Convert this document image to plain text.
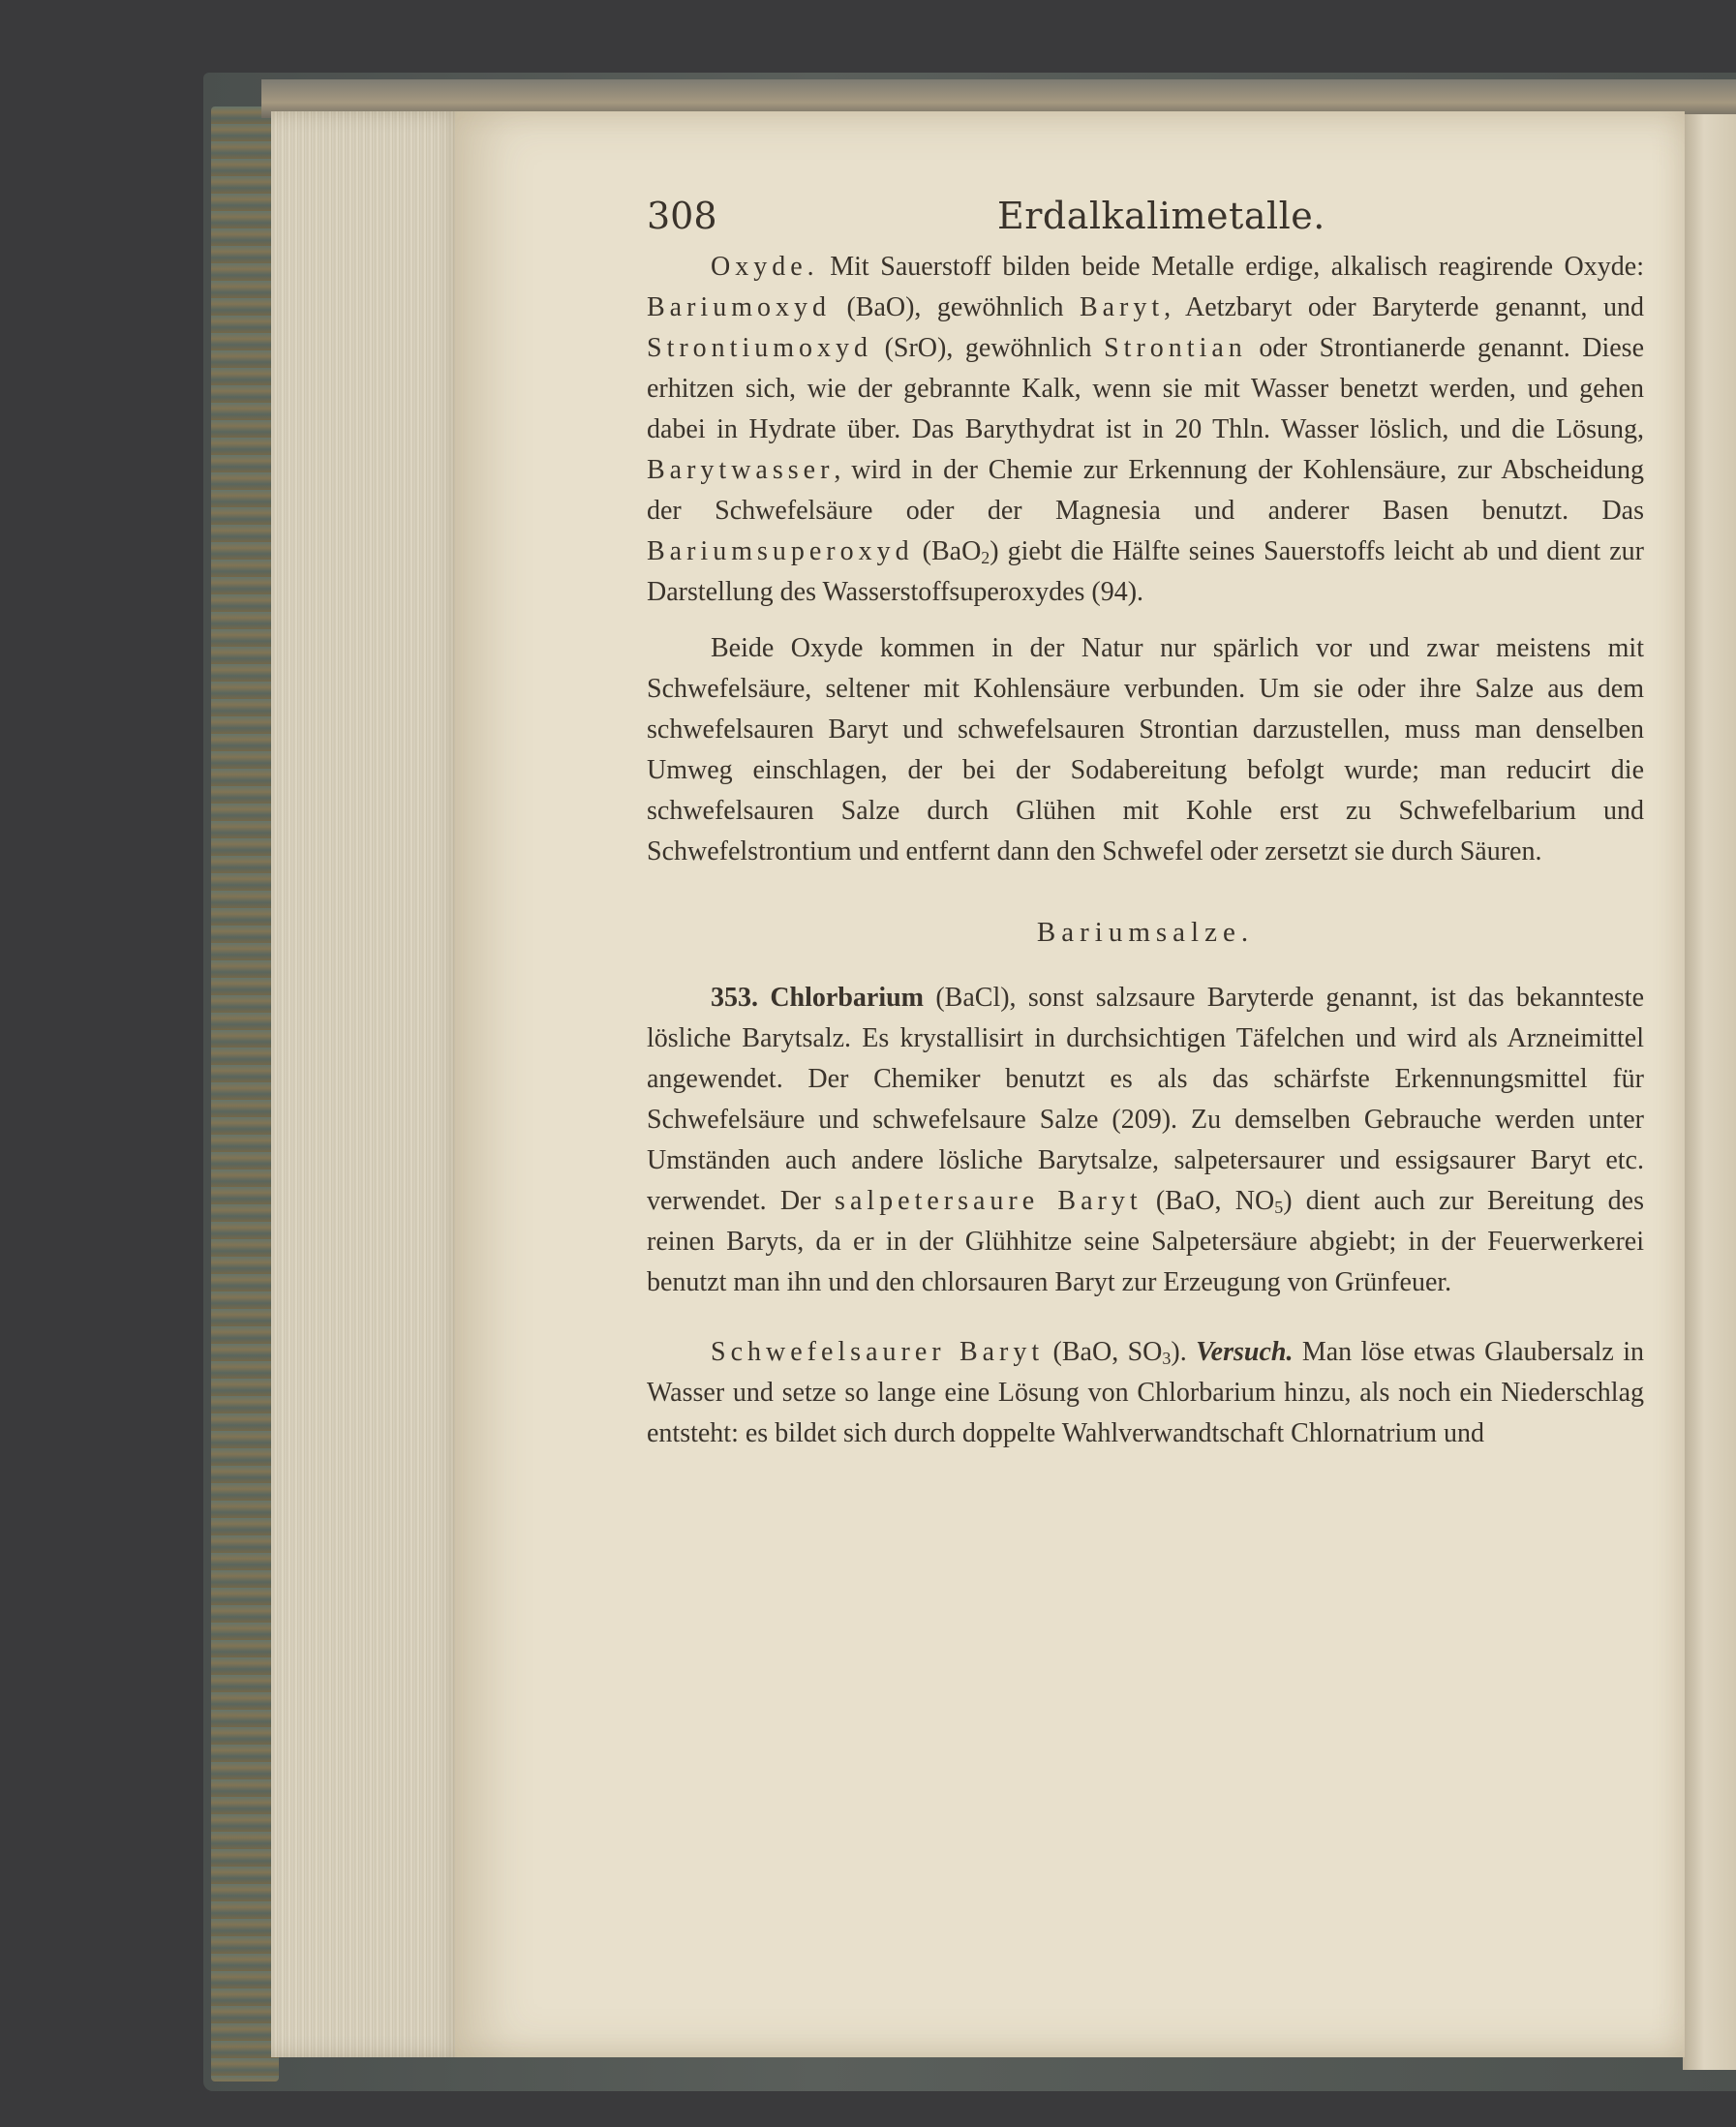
308	Erdalkalimetalle.

Oxyde. Mit Sauerstoff bilden beide Metalle erdige, alkalisch reagirende Oxyde: Bariumoxyd (BaO), gewöhnlich Baryt, Aetzbaryt oder Baryterde genannt, und Strontiumoxyd (SrO), gewöhnlich Strontian oder Strontianerde genannt. Diese erhitzen sich, wie der gebrannte Kalk, wenn sie mit Wasser benetzt werden, und gehen dabei in Hydrate über. Das Barythydrat ist in 20 Thln. Wasser löslich, und die Lösung, Barytwasser, wird in der Chemie zur Erkennung der Kohlensäure, zur Abscheidung der Schwefelsäure oder der Magnesia und anderer Basen benutzt. Das Bariumsuperoxyd (BaO$_2$) giebt die Hälfte seines Sauerstoffs leicht ab und dient zur Darstellung des Wasserstoffsuperoxydes (94).

Beide Oxyde kommen in der Natur nur spärlich vor und zwar meistens mit Schwefelsäure, seltener mit Kohlensäure verbunden. Um sie oder ihre Salze aus dem schwefelsauren Baryt und schwefelsauren Strontian darzustellen, muss man denselben Umweg einschlagen, der bei der Sodabereitung befolgt wurde; man reducirt die schwefelsauren Salze durch Glühen mit Kohle erst zu Schwefelbarium und Schwefelstrontium und entfernt dann den Schwefel oder zersetzt sie durch Säuren.

Bariumsalze.

353. Chlorbarium (BaCl), sonst salzsaure Baryterde genannt, ist das bekannteste lösliche Barytsalz. Es krystallisirt in durchsichtigen Täfelchen und wird als Arzneimittel angewendet. Der Chemiker benutzt es als das schärfste Erkennungsmittel für Schwefelsäure und schwefelsaure Salze (209). Zu demselben Gebrauche werden unter Umständen auch andere lösliche Barytsalze, salpetersaurer und essigsaurer Baryt etc. verwendet. Der salpetersaure Baryt (BaO, $NO_5$) dient auch zur Bereitung des reinen Baryts, da er in der Glühhitze seine Salpetersäure abgiebt; in der Feuerwerkerei benutzt man ihn und den chlorsauren Baryt zur Erzeugung von Grünfeuer.

Schwefelsaurer Baryt (BaO, $SO_3$). Versuch. Man löse etwas Glaubersalz in Wasser und setze so lange eine Lösung von Chlorbarium hinzu, als noch ein Niederschlag entsteht: es bildet sich durch doppelte Wahlverwandtschaft Chlornatrium und
